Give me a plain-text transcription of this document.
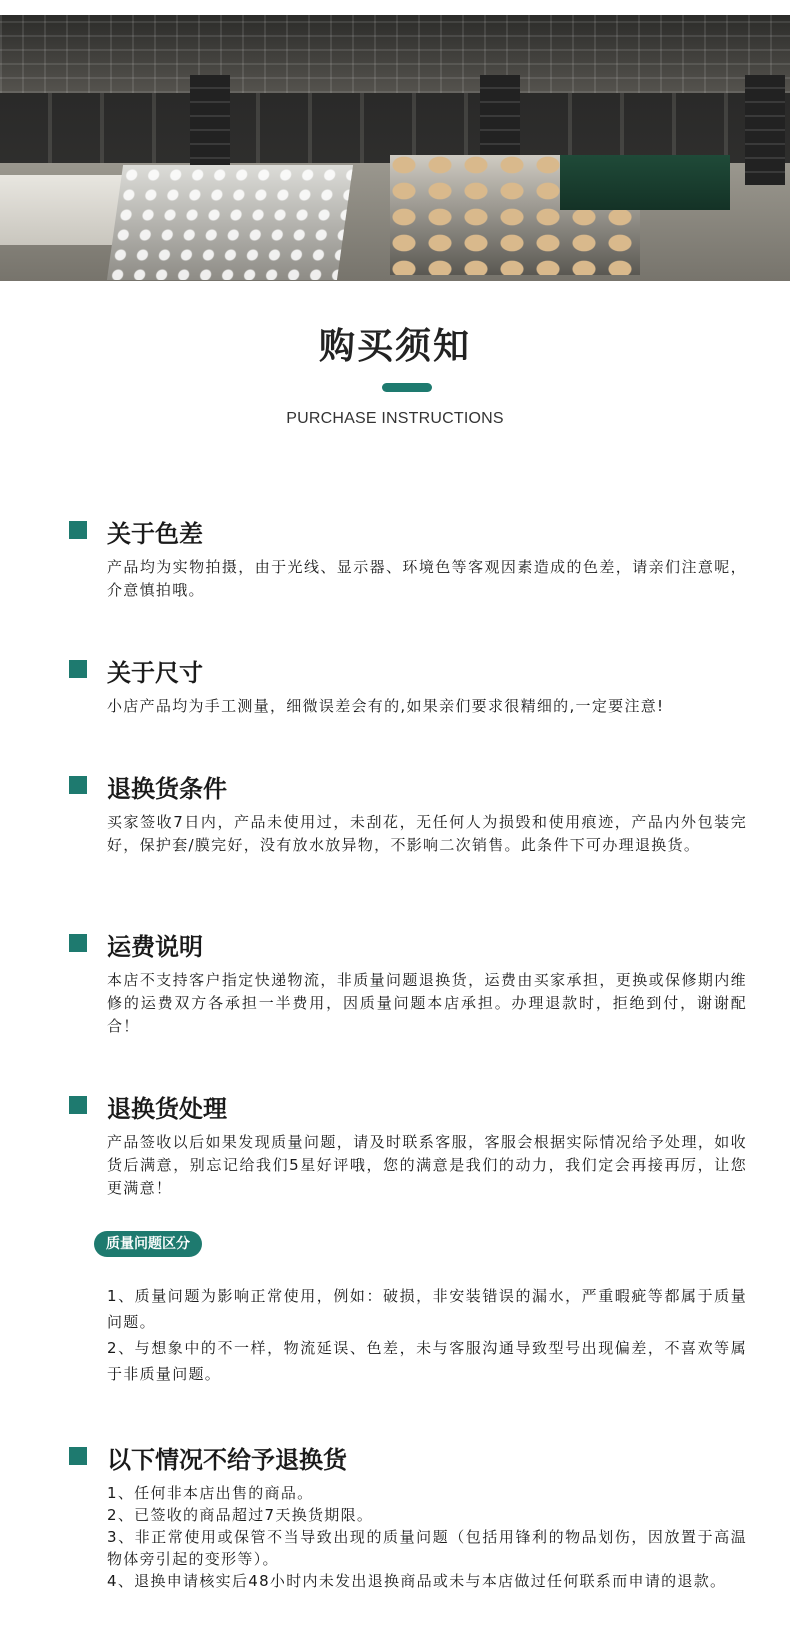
购买须知
PURCHASE INSTRUCTIONS
关于色差
产品均为实物拍摄，由于光线、显示器、环境色等客观因素造成的色差，请亲们注意呢，介意慎拍哦。
关于尺寸
小店产品均为手工测量，细微误差会有的,如果亲们要求很精细的,一定要注意!
退换货条件
买家签收7日内，产品未使用过，未刮花，无任何人为损毁和使用痕迹，产品内外包装完好，保护套/膜完好，没有放水放异物，不影响二次销售。此条件下可办理退换货。
运费说明
本店不支持客户指定快递物流，非质量问题退换货，运费由买家承担，更换或保修期内维修的运费双方各承担一半费用，因质量问题本店承担。办理退款时，拒绝到付，谢谢配合！
退换货处理
产品签收以后如果发现质量问题，请及时联系客服，客服会根据实际情况给予处理，如收货后满意，别忘记给我们5星好评哦，您的满意是我们的动力，我们定会再接再厉，让您更满意！
质量问题区分
1、质量问题为影响正常使用，例如：破损，非安装错误的漏水，严重暇疵等都属于质量问题。
2、与想象中的不一样，物流延误、色差，未与客服沟通导致型号出现偏差，不喜欢等属于非质量问题。
以下情况不给予退换货
1、任何非本店出售的商品。
2、已签收的商品超过7天换货期限。
3、非正常使用或保管不当导致出现的质量问题（包括用锋利的物品划伤，因放置于高温物体旁引起的变形等）。
4、退换申请核实后48小时内未发出退换商品或未与本店做过任何联系而申请的退款。
